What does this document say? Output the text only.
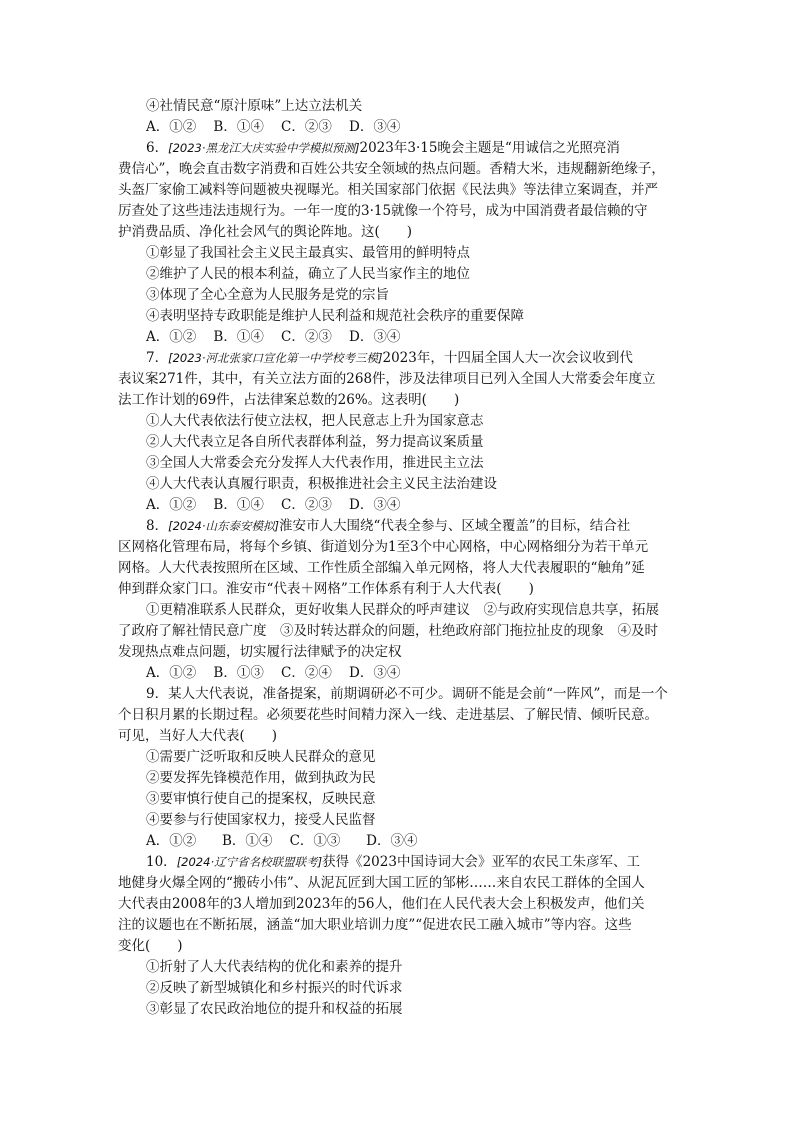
④社情民意“原汁原味”上达立法机关
A．①②    B．①④    C．②③    D．③④
6．[2023·黑龙江大庆实验中学模拟预测]2023年3·15晚会主题是“用诚信之光照亮消
费信心”，晚会直击数字消费和百姓公共安全领域的热点问题。香精大米，违规翻新绝缘子，
头盔厂家偷工减料等问题被央视曝光。相关国家部门依据《民法典》等法律立案调查，并严
厉查处了这些违法违规行为。一年一度的3·15就像一个符号，成为中国消费者最信赖的守
护消费品质、净化社会风气的舆论阵地。这(　　)
①彰显了我国社会主义民主最真实、最管用的鲜明特点
②维护了人民的根本利益，确立了人民当家作主的地位
③体现了全心全意为人民服务是党的宗旨
④表明坚持专政职能是维护人民利益和规范社会秩序的重要保障
A．①②    B．①④    C．②③    D．③④
7．[2023·河北张家口宣化第一中学校考三模]2023年，十四届全国人大一次会议收到代
表议案271件，其中，有关立法方面的268件，涉及法律项目已列入全国人大常委会年度立
法工作计划的69件，占法律案总数的26%。这表明(　　)
①人大代表依法行使立法权，把人民意志上升为国家意志
②人大代表立足各自所代表群体利益，努力提高议案质量
③全国人大常委会充分发挥人大代表作用，推进民主立法
④人大代表认真履行职责，积极推进社会主义民主法治建设
A．①②    B．①④    C．②③    D．③④
8．[2024·山东泰安模拟]淮安市人大围绕“代表全参与、区域全覆盖”的目标，结合社
区网格化管理布局，将每个乡镇、街道划分为1至3个中心网格，中心网格细分为若干单元
网格。人大代表按照所在区域、工作性质全部编入单元网格，将人大代表履职的“触角”延
伸到群众家门口。淮安市“代表＋网格”工作体系有利于人大代表(　　)
①更精准联系人民群众，更好收集人民群众的呼声建议　②与政府实现信息共享，拓展
了政府了解社情民意广度　③及时转达群众的问题，杜绝政府部门拖拉扯皮的现象　④及时
发现热点难点问题，切实履行法律赋予的决定权
A．①②    B．①③    C．②④    D．③④
9．某人大代表说，准备提案，前期调研必不可少。调研不能是会前“一阵风”，而是一个
个日积月累的长期过程。必须要花些时间精力深入一线、走进基层、了解民情、倾听民意。
可见，当好人大代表(　　)
①需要广泛听取和反映人民群众的意见
②要发挥先锋模范作用，做到执政为民
③要审慎行使自己的提案权，反映民意
④要参与行使国家权力，接受人民监督
A．①②      B．①④    C．①③      D．③④
10．[2024·辽宁省名校联盟联考]获得《2023中国诗词大会》亚军的农民工朱彦军、工
地健身火爆全网的“搬砖小伟”、从泥瓦匠到大国工匠的邹彬……来自农民工群体的全国人
大代表由2008年的3人增加到2023年的56人，他们在人民代表大会上积极发声，他们关
注的议题也在不断拓展，涵盖“加大职业培训力度”“促进农民工融入城市”等内容。这些
变化(　　)
①折射了人大代表结构的优化和素养的提升
②反映了新型城镇化和乡村振兴的时代诉求
③彰显了农民政治地位的提升和权益的拓展
